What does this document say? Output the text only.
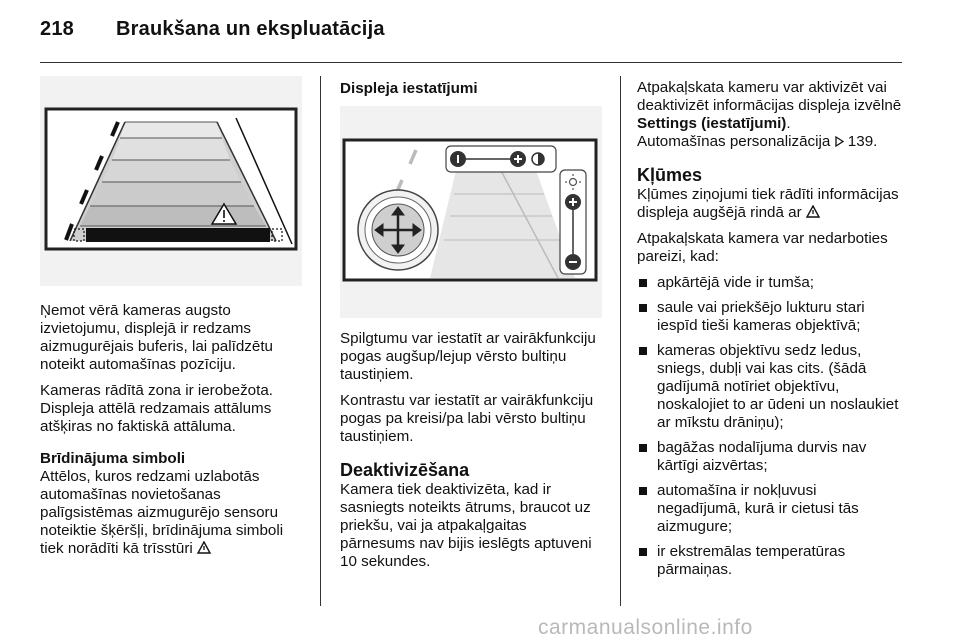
218 Braukšana un ekspluatācija

Ņemot vērā kameras augsto izvietojumu, displejā ir redzams aizmugurējais buferis, lai palīdzētu noteikt automašīnas pozīciju.

Kameras rādītā zona ir ierobežota. Displeja attēlā redzamais attālums atšķiras no faktiskā attāluma.

Brīdinājuma simboli

Attēlos, kuros redzami uzlabotās automašīnas novietošanas palīgsistēmas aizmugurējo sensoru noteiktie šķēršļi, brīdinājuma simboli tiek norādīti kā trīsstūri

Displeja iestatījumi

Spilgtumu var iestatīt ar vairākfunkciju pogas augšup/lejup vērsto bultiņu taustiņiem.

Kontrastu var iestatīt ar vairākfunkciju pogas pa kreisi/pa labi vērsto bultiņu taustiņiem.

Deaktivizēšana

Kamera tiek deaktivizēta, kad ir sasniegts noteikts ātrums, braucot uz priekšu, vai ja atpakaļgaitas pārnesums nav bijis ieslēgts aptuveni 10 sekundes.

Atpakaļskata kameru var aktivizēt vai deaktivizēt informācijas displeja izvēlnē Settings (iestatījumi).
Automašīnas personalizācija 139.

Kļūmes

Kļūmes ziņojumi tiek rādīti informācijas displeja augšējā rindā ar

Atpakaļskata kamera var nedarboties pareizi, kad:

apkārtējā vide ir tumša;
saule vai priekšējo lukturu stari iespīd tieši kameras objektīvā;
kameras objektīvu sedz ledus, sniegs, dubļi vai kas cits. (šādā gadījumā notīriet objektīvu, noskalojiet to ar ūdeni un noslaukiet ar mīkstu drāniņu);
bagāžas nodalījuma durvis nav kārtīgi aizvērtas;
automašīna ir nokļuvusi negadījumā, kurā ir cietusi tās aizmugure;
ir ekstremālas temperatūras pārmaiņas.
carmanualsonline.info
